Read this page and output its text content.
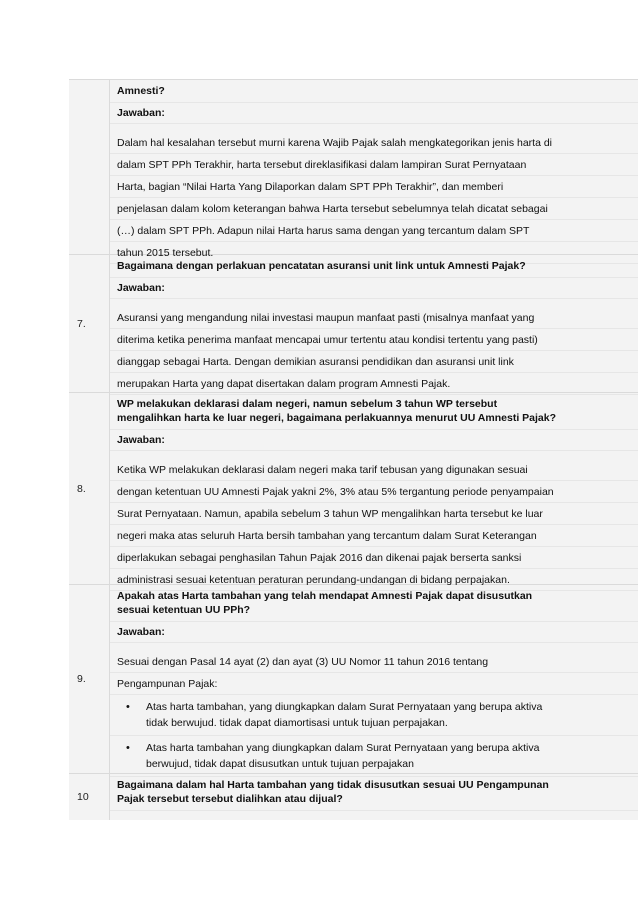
Amnesti?
Jawaban:
Dalam hal kesalahan tersebut murni karena Wajib Pajak salah mengkategorikan jenis harta di
dalam SPT PPh Terakhir, harta tersebut direklasifikasi dalam lampiran Surat Pernyataan
Harta, bagian “Nilai Harta Yang Dilaporkan dalam SPT PPh Terakhir”, dan memberi
penjelasan dalam kolom keterangan bahwa Harta tersebut sebelumnya telah dicatat sebagai
(…) dalam SPT PPh. Adapun nilai Harta harus sama dengan yang tercantum dalam SPT
tahun 2015 tersebut.
7.
Bagaimana dengan perlakuan pencatatan asuransi unit link untuk Amnesti Pajak?
Jawaban:
Asuransi yang mengandung nilai investasi maupun manfaat pasti (misalnya manfaat yang
diterima ketika penerima manfaat mencapai umur tertentu atau kondisi tertentu yang pasti)
dianggap sebagai Harta. Dengan demikian asuransi pendidikan dan asuransi unit link
merupakan Harta yang dapat disertakan dalam program Amnesti Pajak.
8.
WP melakukan deklarasi dalam negeri, namun sebelum 3 tahun WP tersebut
mengalihkan harta ke luar negeri, bagaimana perlakuannya menurut UU Amnesti Pajak?
Jawaban:
Ketika WP melakukan deklarasi dalam negeri maka tarif tebusan yang digunakan sesuai
dengan ketentuan UU Amnesti Pajak yakni 2%, 3% atau 5% tergantung periode penyampaian
Surat Pernyataan. Namun, apabila sebelum 3 tahun WP mengalihkan harta tersebut ke luar
negeri maka atas seluruh Harta bersih tambahan yang tercantum dalam Surat Keterangan
diperlakukan sebagai penghasilan Tahun Pajak 2016 dan dikenai pajak berserta sanksi
administrasi sesuai ketentuan peraturan perundang-undangan di bidang perpajakan.
9.
Apakah atas Harta tambahan yang telah mendapat Amnesti Pajak dapat disusutkan
sesuai ketentuan UU PPh?
Jawaban:
Sesuai dengan Pasal 14 ayat (2) dan ayat (3) UU Nomor 11 tahun 2016 tentang
Pengampunan Pajak:
•	Atas harta tambahan, yang diungkapkan dalam Surat Pernyataan yang berupa aktiva
tidak berwujud. tidak dapat diamortisasi untuk tujuan perpajakan.
•	Atas harta tambahan yang diungkapkan dalam Surat Pernyataan yang berupa aktiva
berwujud, tidak dapat disusutkan untuk tujuan perpajakan
10
Bagaimana dalam hal Harta tambahan yang tidak disusutkan sesuai UU Pengampunan
Pajak tersebut tersebut dialihkan atau dijual?
